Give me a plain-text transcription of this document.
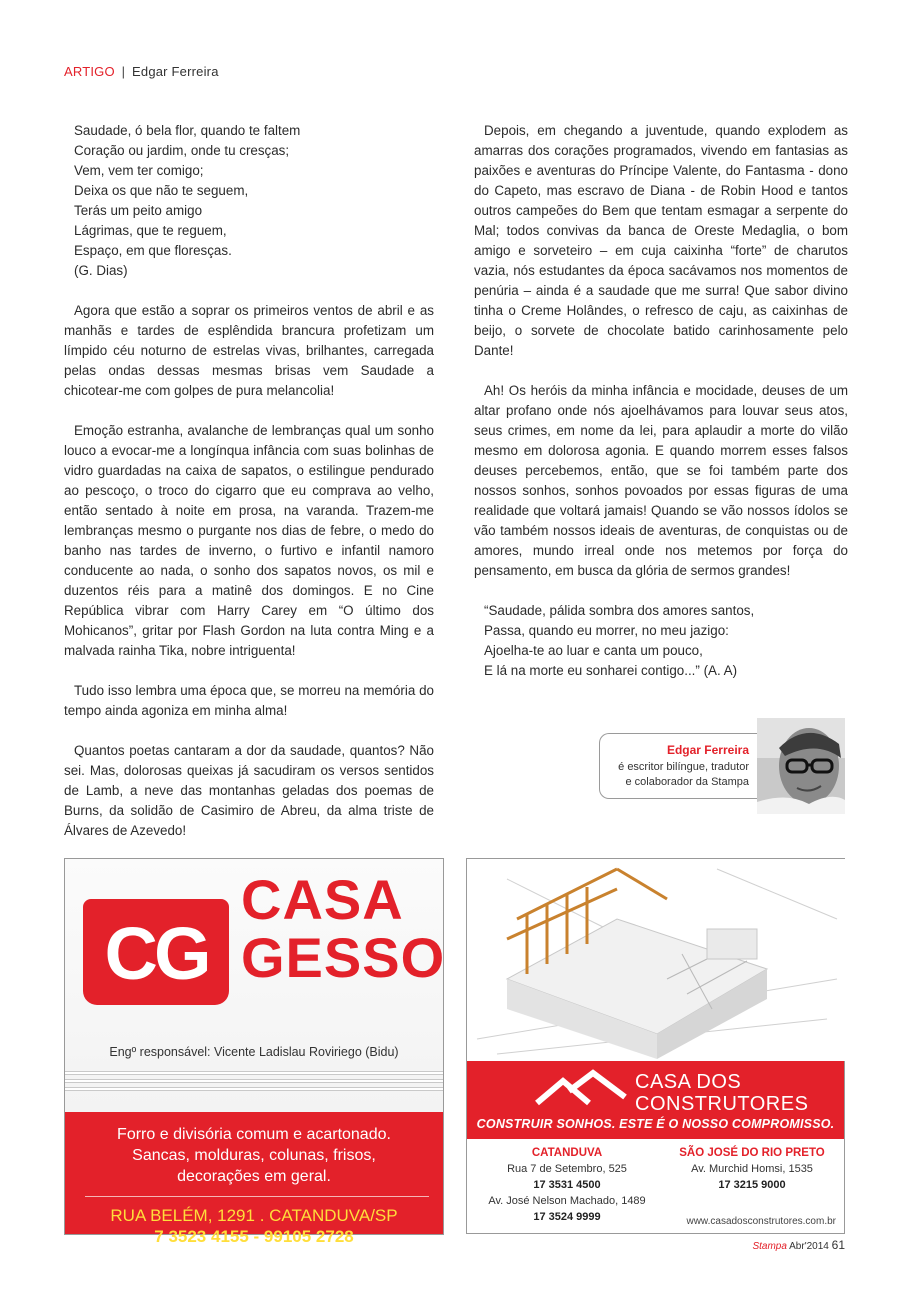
ARTIGO | Edgar Ferreira
Saudade, ó bela flor, quando te faltem
Coração ou jardim, onde tu cresças;
Vem, vem ter comigo;
Deixa os que não te seguem,
Terás um peito amigo
Lágrimas, que te reguem,
Espaço, em que floresças.
(G. Dias)

Agora que estão a soprar os primeiros ventos de abril e as manhãs e tardes de esplêndida brancura profetizam um límpido céu noturno de estrelas vivas, brilhantes, carregada pelas ondas dessas mesmas brisas vem Saudade a chicotear-me com golpes de pura melancolia!

Emoção estranha, avalanche de lembranças qual um sonho louco a evocar-me a longínqua infância com suas bolinhas de vidro guardadas na caixa de sapatos, o estilingue pendurado ao pescoço, o troco do cigarro que eu comprava ao velho, então sentado à noite em prosa, na varanda. Trazem-me lembranças mesmo o purgante nos dias de febre, o medo do banho nas tardes de inverno, o furtivo e infantil namoro conducente ao nada, o sonho dos sapatos novos, os mil e duzentos réis para a matinê dos domingos. E no Cine República vibrar com Harry Carey em “O último dos Mohicanos”, gritar por Flash Gordon na luta contra Ming e a malvada rainha Tika, nobre intriguenta!

Tudo isso lembra uma época que, se morreu na memória do tempo ainda agoniza em minha alma!

Quantos poetas cantaram a dor da saudade, quantos? Não sei. Mas, dolorosas queixas já sacudiram os versos sentidos de Lamb, a neve das montanhas geladas dos poemas de Burns, da solidão de Casimiro de Abreu, da alma triste de Álvares de Azevedo!

Depois, em chegando a juventude, quando explodem as amarras dos corações programados, vivendo em fantasias as paixões e aventuras do Príncipe Valente, do Fantasma - dono do Capeto, mas escravo de Diana - de Robin Hood e tantos outros campeões do Bem que tentam esmagar a serpente do Mal; todos convivas da banca de Oreste Medaglia, o bom amigo e sorveteiro – em cuja caixinha “forte” de charutos vazia, nós estudantes da época sacávamos nos momentos de penúria – ainda é a saudade que me surra! Que sabor divino tinha o Creme Holândes, o refresco de caju, as caixinhas de beijo, o sorvete de chocolate batido carinhosamente pelo Dante!

Ah! Os heróis da minha infância e mocidade, deuses de um altar profano onde nós ajoelhávamos para louvar seus atos, seus crimes, em nome da lei, para aplaudir a morte do vilão mesmo em dolorosa agonia. E quando morrem esses falsos deuses percebemos, então, que se foi também parte dos nossos sonhos, sonhos povoados por essas figuras de uma realidade que voltará jamais! Quando se vão nossos ídolos se vão também nossos ideais de aventuras, de conquistas ou de amores, mundo irreal onde nos metemos por força do pensamento, em busca da glória de sermos grandes!

“Saudade, pálida sombra dos amores santos,
Passa, quando eu morrer, no meu jazigo:
Ajoelha-te ao luar e canta um pouco,
E lá na morte eu sonharei contigo...” (A. A)
Edgar Ferreira
é escritor bilíngue, tradutor
e colaborador da Stampa
CG
CASA
GESSO
Engº responsável: Vicente Ladislau Roviriego (Bidu)
Forro e divisória comum e acartonado.
Sancas, molduras, colunas, frisos,
decorações em geral.
RUA BELÉM, 1291 . CATANDUVA/SP
7 3523 4155 - 99105 2728
CASA DOS
CONSTRUTORES
CONSTRUIR SONHOS. ESTE É O NOSSO COMPROMISSO.
CATANDUVA
Rua 7 de Setembro, 525
17 3531 4500
Av. José Nelson Machado, 1489
17 3524 9999
SÃO JOSÉ DO RIO PRETO
Av. Murchid Homsi, 1535
17 3215 9000
www.casadosconstrutores.com.br
Stampa Abr'2014 61
